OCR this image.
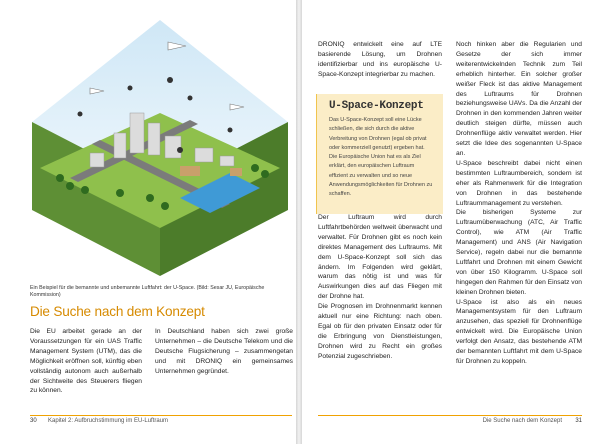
Ein Beispiel für die bemannte und unbemannte Luftfahrt: der U-Space. (Bild: Sesar JU, Europäische Kommission)
Die Suche nach dem Konzept

Die EU arbeitet gerade an der Voraussetzungen für ein UAS Traffic Management System (UTM), das die Möglichkeit eröffnen soll, künftig eben vollständig autonom auch außerhalb der Sichtweite des Steuerers fliegen zu können.

In Deutschland haben sich zwei große Unternehmen – die Deutsche Telekom und die Deutsche Flugsicherung – zusammengetan und mit DRONIQ ein gemeinsames Unternehmen gegründet.

30 Kapitel 2: Aufbruchstimmung im EU-Luftraum

DRONIQ entwickelt eine auf LTE basierende Lösung, um Drohnen identifizierbar und ins europäische U-Space-Konzept integrierbar zu machen.

U-Space-Konzept
Das U-Space-Konzept soll eine Lücke schließen, die sich durch die aktive Verbreitung von Drohnen (egal ob privat oder kommerziell genutzt) ergeben hat. Die Europäische Union hat es als Ziel erklärt, den europäischen Luftraum effizient zu verwalten und so neue Anwendungsmöglichkeiten für Drohnen zu schaffen.

Der Luftraum wird durch Luftfahrtbehörden weltweit überwacht und verwaltet. Für Drohnen gibt es noch kein direktes Management des Luftraums. Mit dem U-Space-Konzept soll sich das ändern. Im Folgenden wird geklärt, warum das nötig ist und was für Auswirkungen dies auf das Fliegen mit der Drohne hat.

Die Prognosen im Drohnenmarkt kennen aktuell nur eine Richtung: nach oben. Egal ob für den privaten Einsatz oder für die Erbringung von Dienstleistungen, Drohnen wird zu Recht ein großes Potenzial zugeschrieben.

Noch hinken aber die Regularien und Gesetze der sich immer weiterentwickelnden Technik zum Teil erheblich hinterher. Ein solcher großer weißer Fleck ist das aktive Management des Luftraums für Drohnen beziehungsweise UAVs. Da die Anzahl der Drohnen in den kommenden Jahren weiter deutlich steigen dürfte, müssen auch Drohnenflüge aktiv verwaltet werden. Hier setzt die Idee des sogenannten U-Space an.

U-Space beschreibt dabei nicht einen bestimmten Luftraumbereich, sondern ist eher als Rahmenwerk für die Integration von Drohnen in das bestehende Luftraummanagement zu verstehen.

Die bisherigen Systeme zur Luftraumüberwachung (ATC, Air Traffic Control), wie ATM (Air Traffic Management) und ANS (Air Navigation Service), regeln dabei nur die bemannte Luftfahrt und Drohnen mit einem Gewicht von über 150 Kilogramm. U-Space soll hingegen den Rahmen für den Einsatz von kleinen Drohnen bieten.

U-Space ist also als ein neues Managementsystem für den Luftraum anzusehen, das speziell für Drohnenflüge entwickelt wird. Die Europäische Union verfolgt den Ansatz, das bestehende ATM der bemannten Luftfahrt mit dem U-Space für Drohnen zu koppeln.

Die Suche nach dem Konzept 31
